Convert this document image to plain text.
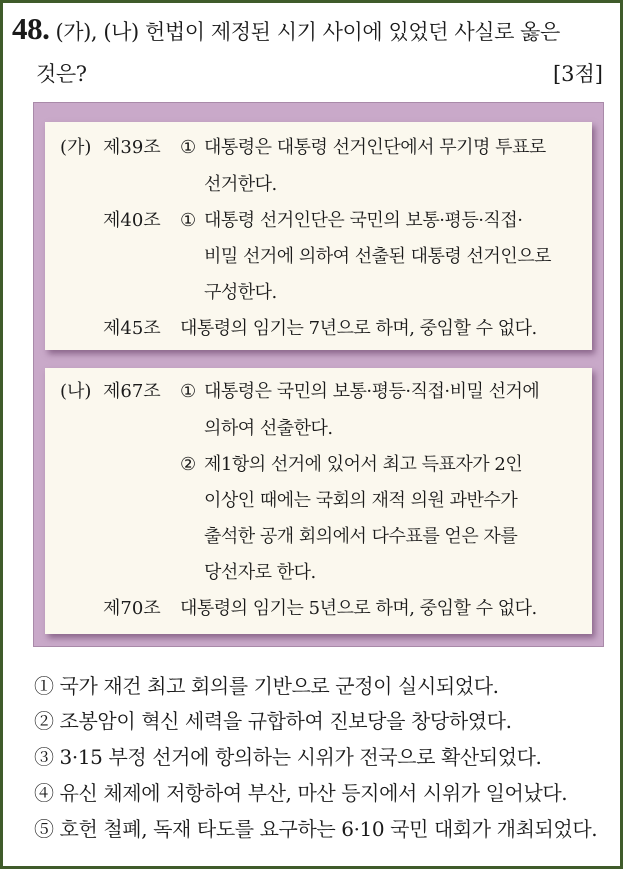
48. (가), (나) 헌법이 제정된 시기 사이에 있었던 사실로 옳은
것은?	[3점]
(가) 제39조 ① 대통령은 대통령 선거인단에서 무기명 투표로
선거한다.
제40조 ① 대통령 선거인단은 국민의 보통·평등·직접·
비밀 선거에 의하여 선출된 대통령 선거인으로
구성한다.
제45조 대통령의 임기는 7년으로 하며, 중임할 수 없다.
(나) 제67조 ① 대통령은 국민의 보통·평등·직접·비밀 선거에
의하여 선출한다.
② 제1항의 선거에 있어서 최고 득표자가 2인
이상인 때에는 국회의 재적 의원 과반수가
출석한 공개 회의에서 다수표를 얻은 자를
당선자로 한다.
제70조 대통령의 임기는 5년으로 하며, 중임할 수 없다.
① 국가 재건 최고 회의를 기반으로 군정이 실시되었다.
② 조봉암이 혁신 세력을 규합하여 진보당을 창당하였다.
③ 3·15 부정 선거에 항의하는 시위가 전국으로 확산되었다.
④ 유신 체제에 저항하여 부산, 마산 등지에서 시위가 일어났다.
⑤ 호헌 철폐, 독재 타도를 요구하는 6·10 국민 대회가 개최되었다.
